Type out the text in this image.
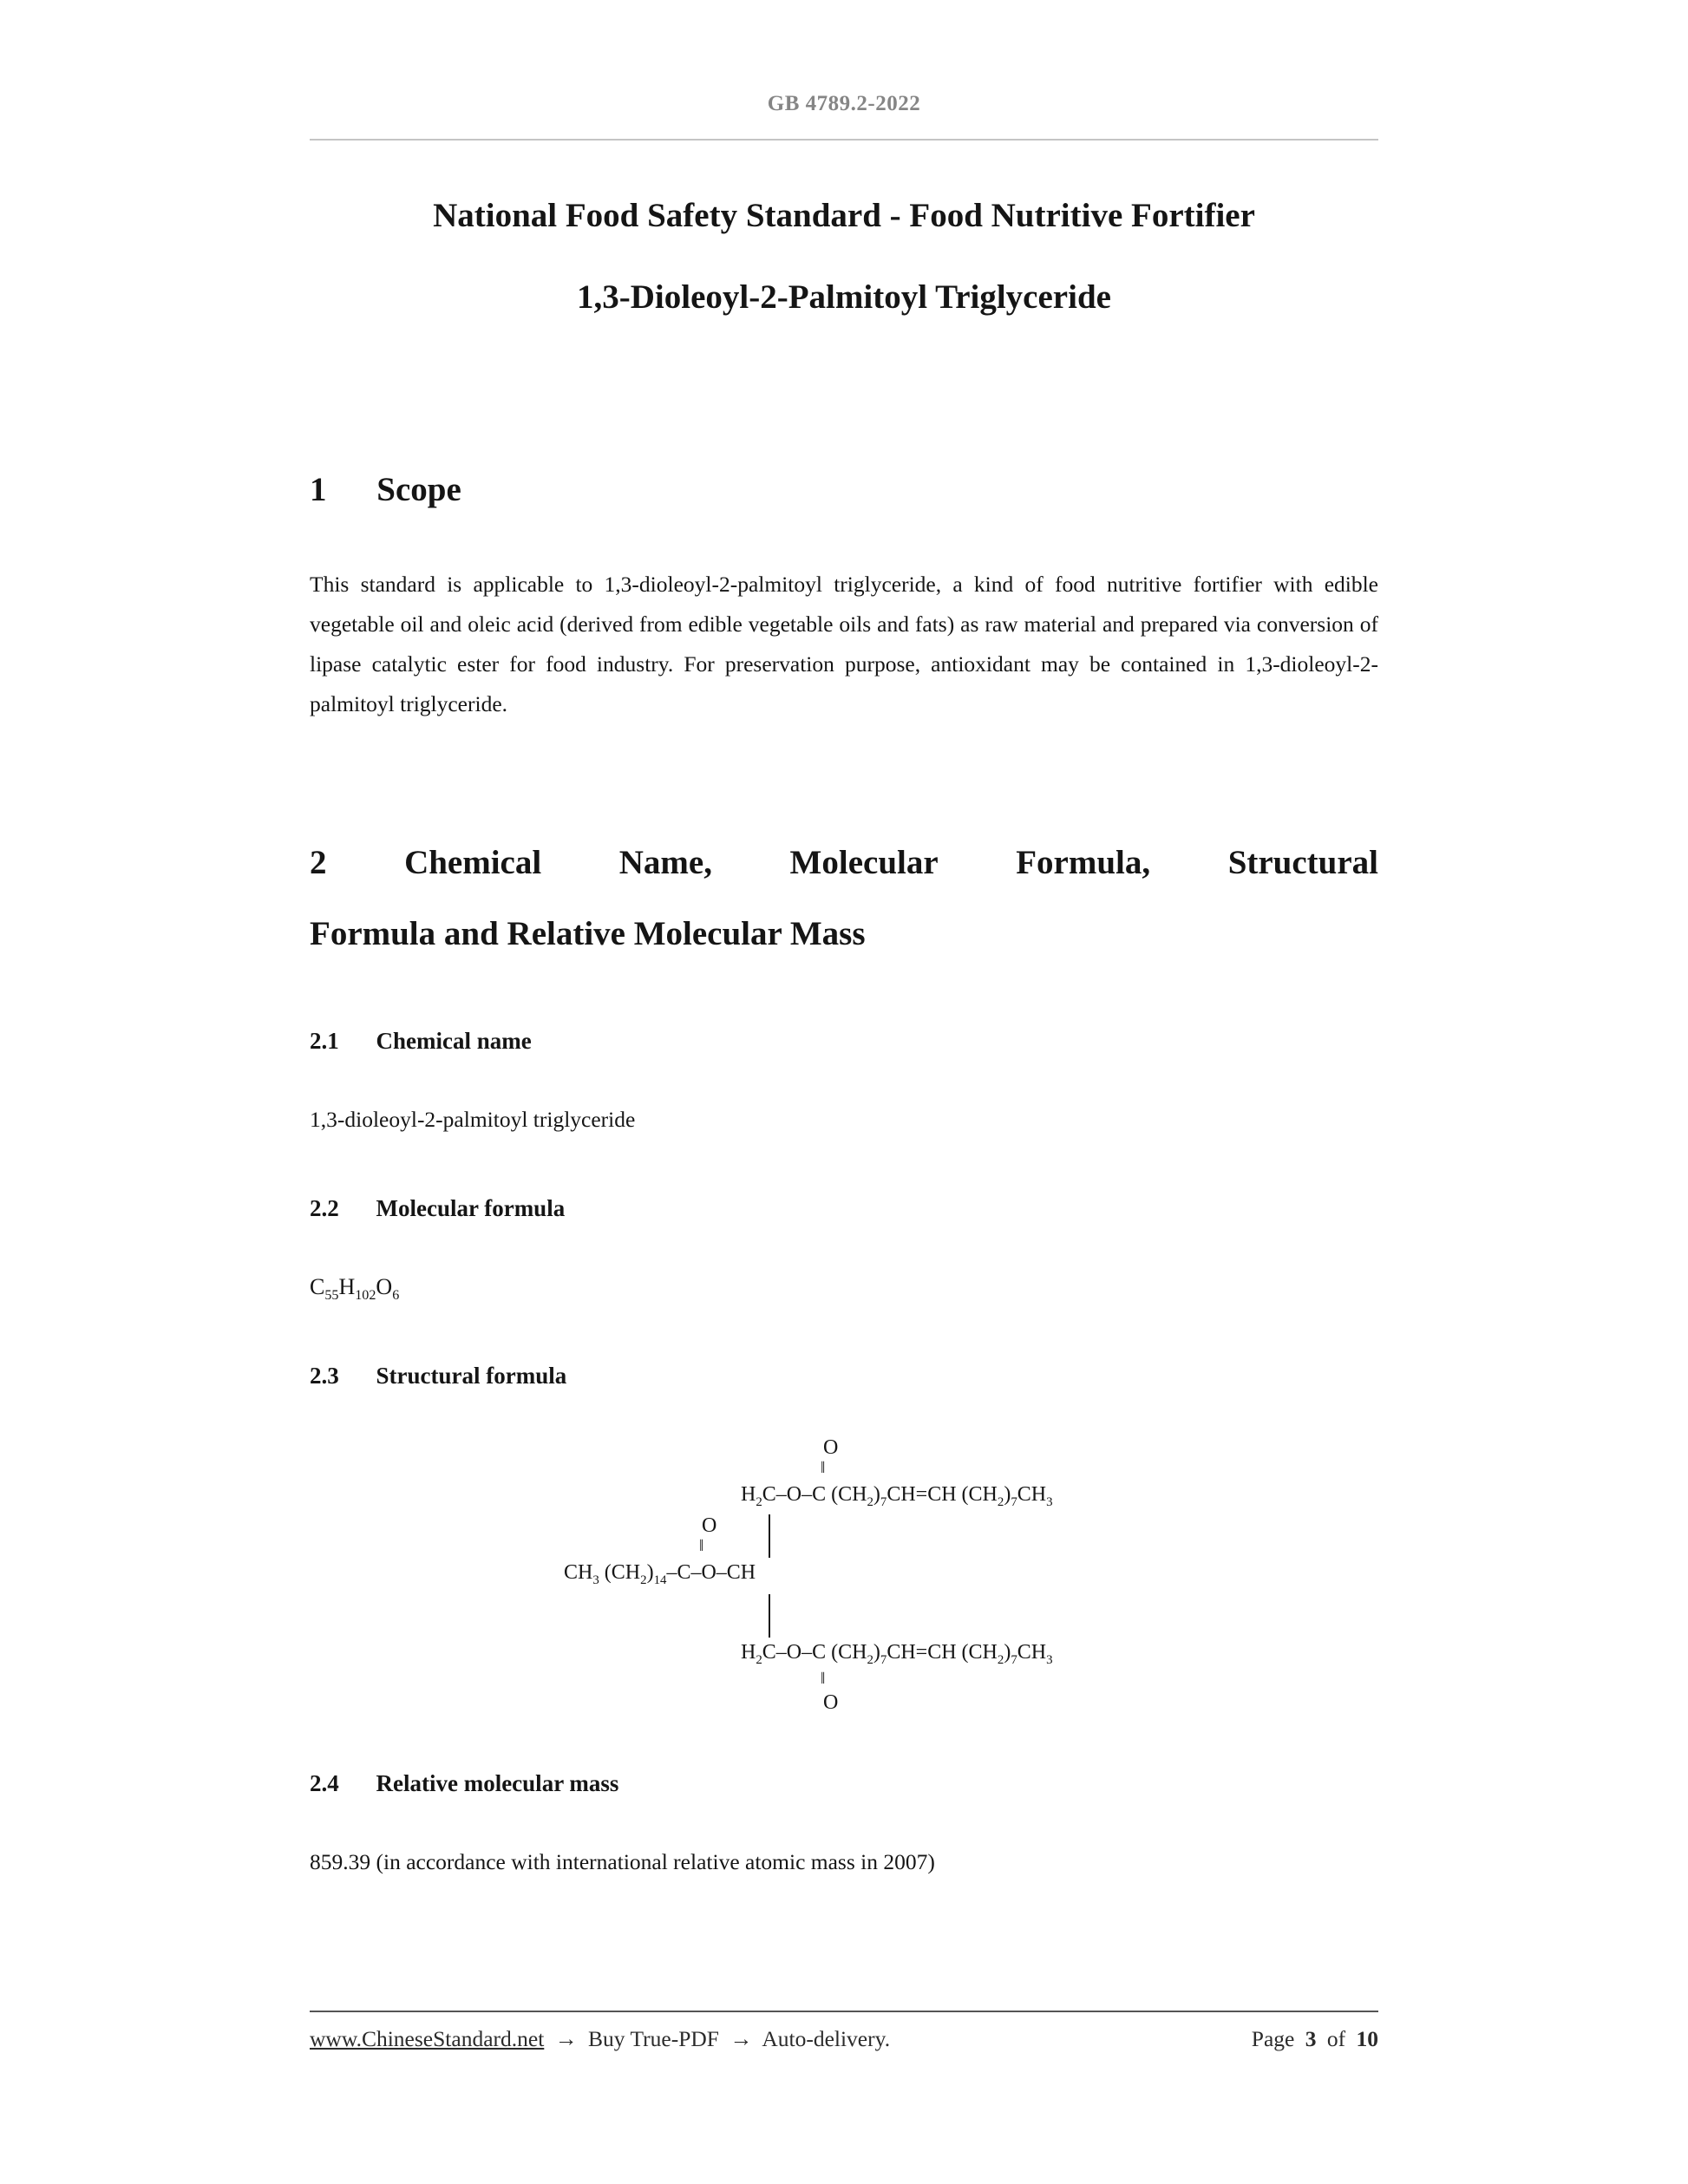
GB 4789.2-2022
National Food Safety Standard - Food Nutritive Fortifier
1,3-Dioleoyl-2-Palmitoyl Triglyceride
1 Scope

This standard is applicable to 1,3-dioleoyl-2-palmitoyl triglyceride, a kind of food nutritive fortifier with edible vegetable oil and oleic acid (derived from edible vegetable oils and fats) as raw material and prepared via conversion of lipase catalytic ester for food industry. For preservation purpose, antioxidant may be contained in 1,3-dioleoyl-2-palmitoyl triglyceride.

2 Chemical Name, Molecular Formula, Structural
Formula and Relative Molecular Mass
2.1 Chemical name

1,3-dioleoyl-2-palmitoyl triglyceride

2.2 Molecular formula

$C_{55}H_{102}O_6$

2.3 Structural formula
O
‖
$H_2C-O-C$ $(CH_2)_7CH=CH$ $(CH_2)_7CH_3$
O
‖
$CH_3$ $(CH_2)_{14}-C-O-CH$
$H_2C-O-C$ $(CH_2)_7CH=CH$ $(CH_2)_7CH_3$
‖
O
2.4 Relative molecular mass

859.39 (in accordance with international relative atomic mass in 2007)

www.ChineseStandard.net → Buy True-PDF → Auto-delivery.	Page 3 of 10
